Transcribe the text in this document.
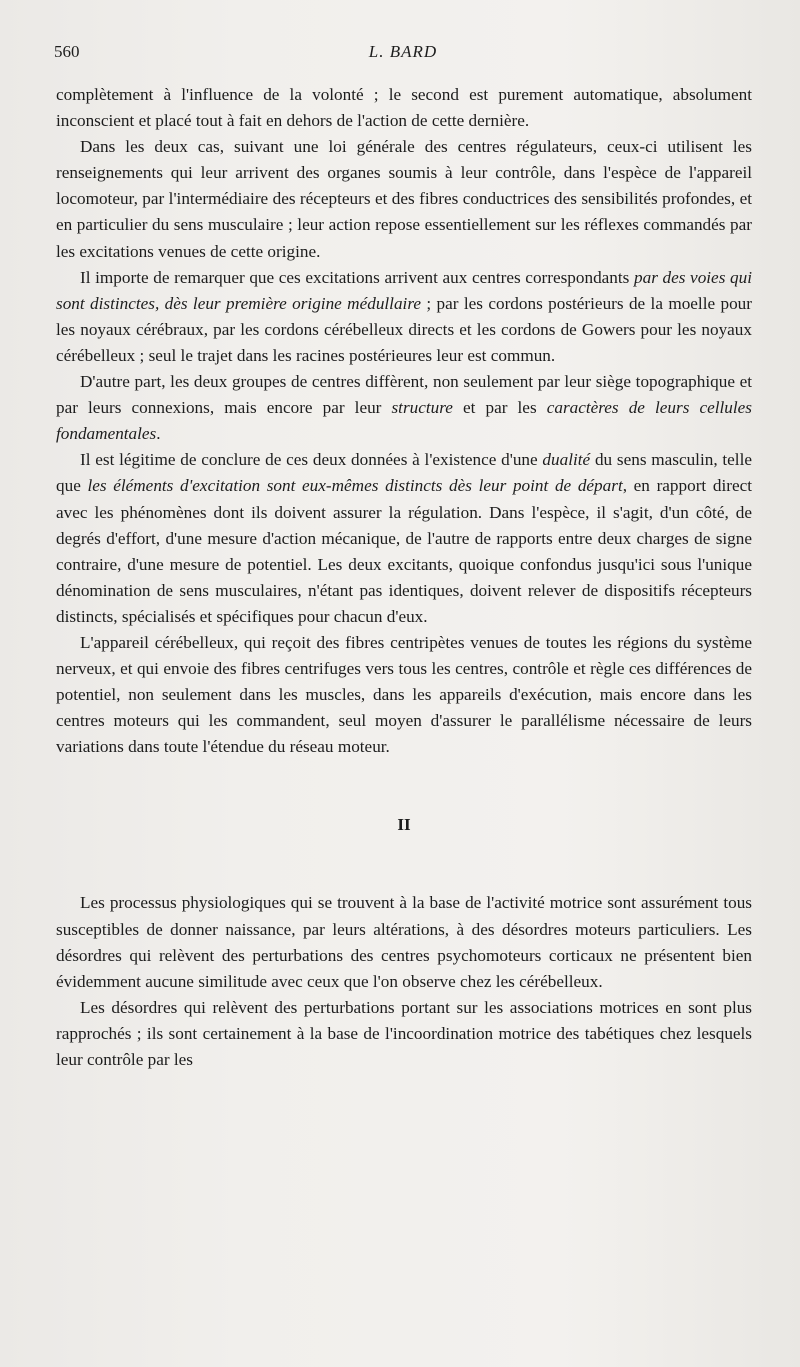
560	L. BARD

complètement à l'influence de la volonté ; le second est purement automatique, absolument inconscient et placé tout à fait en dehors de l'action de cette dernière.

Dans les deux cas, suivant une loi générale des centres régulateurs, ceux-ci utilisent les renseignements qui leur arrivent des organes soumis à leur contrôle, dans l'espèce de l'appareil locomoteur, par l'intermédiaire des récepteurs et des fibres conductrices des sensibilités profondes, et en particulier du sens musculaire ; leur action repose essentiellement sur les réflexes commandés par les excitations venues de cette origine.

Il importe de remarquer que ces excitations arrivent aux centres correspondants par des voies qui sont distinctes, dès leur première origine médullaire ; par les cordons postérieurs de la moelle pour les noyaux cérébraux, par les cordons cérébelleux directs et les cordons de Gowers pour les noyaux cérébelleux ; seul le trajet dans les racines postérieures leur est commun.

D'autre part, les deux groupes de centres diffèrent, non seulement par leur siège topographique et par leurs connexions, mais encore par leur structure et par les caractères de leurs cellules fondamentales.

Il est légitime de conclure de ces deux données à l'existence d'une dualité du sens masculin, telle que les éléments d'excitation sont eux-mêmes distincts dès leur point de départ, en rapport direct avec les phénomènes dont ils doivent assurer la régulation. Dans l'espèce, il s'agit, d'un côté, de degrés d'effort, d'une mesure d'action mécanique, de l'autre de rapports entre deux charges de signe contraire, d'une mesure de potentiel. Les deux excitants, quoique confondus jusqu'ici sous l'unique dénomination de sens musculaires, n'étant pas identiques, doivent relever de dispositifs récepteurs distincts, spécialisés et spécifiques pour chacun d'eux.

L'appareil cérébelleux, qui reçoit des fibres centripètes venues de toutes les régions du système nerveux, et qui envoie des fibres centrifuges vers tous les centres, contrôle et règle ces différences de potentiel, non seulement dans les muscles, dans les appareils d'exécution, mais encore dans les centres moteurs qui les commandent, seul moyen d'assurer le parallélisme nécessaire de leurs variations dans toute l'étendue du réseau moteur.

II

Les processus physiologiques qui se trouvent à la base de l'activité motrice sont assurément tous susceptibles de donner naissance, par leurs altérations, à des désordres moteurs particuliers. Les désordres qui relèvent des perturbations des centres psychomoteurs corticaux ne présentent bien évidemment aucune similitude avec ceux que l'on observe chez les cérébelleux.

Les désordres qui relèvent des perturbations portant sur les associations motrices en sont plus rapprochés ; ils sont certainement à la base de l'incoordination motrice des tabétiques chez lesquels leur contrôle par les
